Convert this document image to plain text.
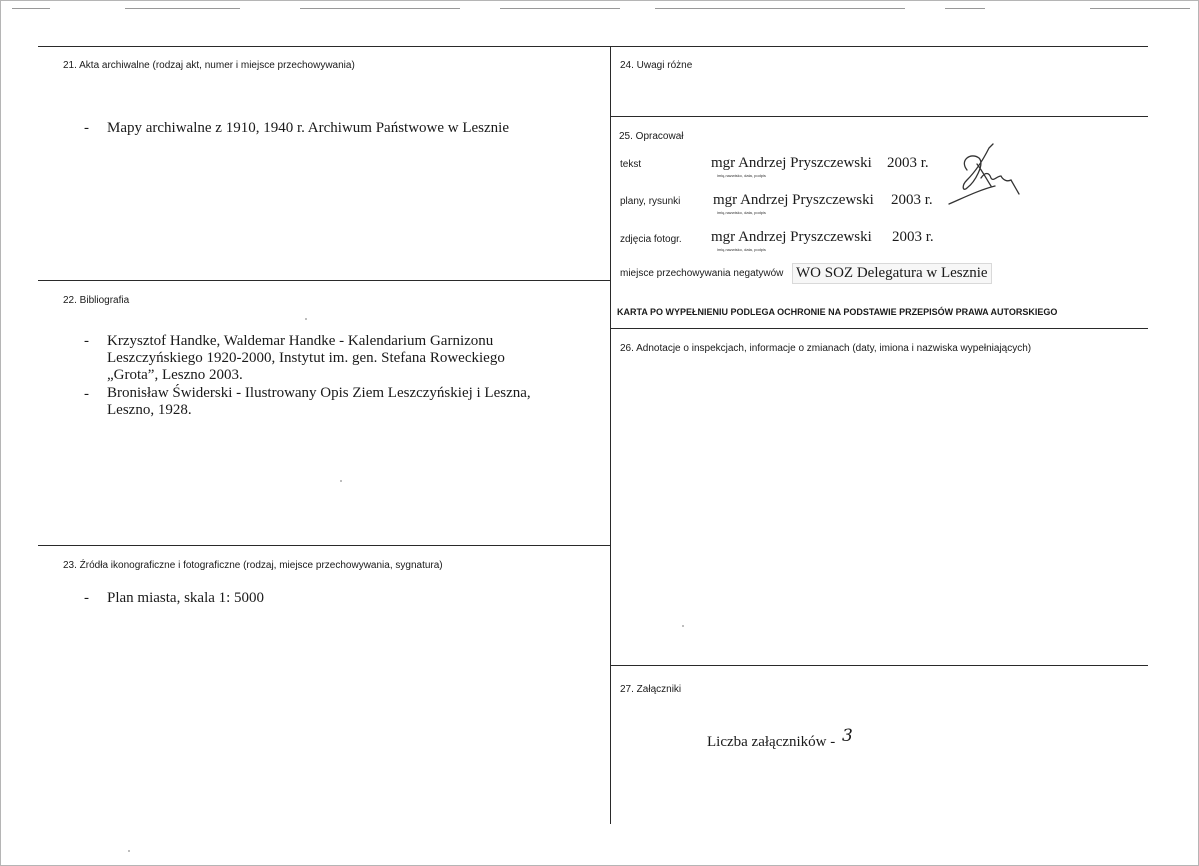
21. Akta archiwalne (rodzaj akt, numer i miejsce przechowywania)
- Mapy archiwalne z 1910, 1940 r. Archiwum Państwowe w Lesznie
22. Bibliografia
- Krzysztof Handke, Waldemar Handke - Kalendarium Garnizonu
Leszczyńskiego 1920-2000, Instytut im. gen. Stefana Roweckiego
„Grota”, Leszno 2003.
- Bronisław Świderski - Ilustrowany Opis Ziem Leszczyńskiej i Leszna,
Leszno, 1928.
23. Źródła ikonograficzne i fotograficzne (rodzaj, miejsce przechowywania, sygnatura)
- Plan miasta, skala 1: 5000
24. Uwagi różne
25. Opracował
tekst	mgr Andrzej Pryszczewski 2003 r.
imię,nazwisko, data, podpis
plany, rysunki mgr Andrzej Pryszczewski 2003 r.
imię,nazwisko, data, podpis
zdjęcia fotogr. mgr Andrzej Pryszczewski 2003 r.
imię,nazwisko, data, podpis
miejsce przechowywania negatywów WO SOZ Delegatura w Lesznie
KARTA PO WYPEŁNIENIU PODLEGA OCHRONIE NA PODSTAWIE PRZEPISÓW PRAWA AUTORSKIEGO
26. Adnotacje o inspekcjach, informacje o zmianach (daty, imiona i nazwiska wypełniających)
27. Załączniki
Liczba załączników - 3
